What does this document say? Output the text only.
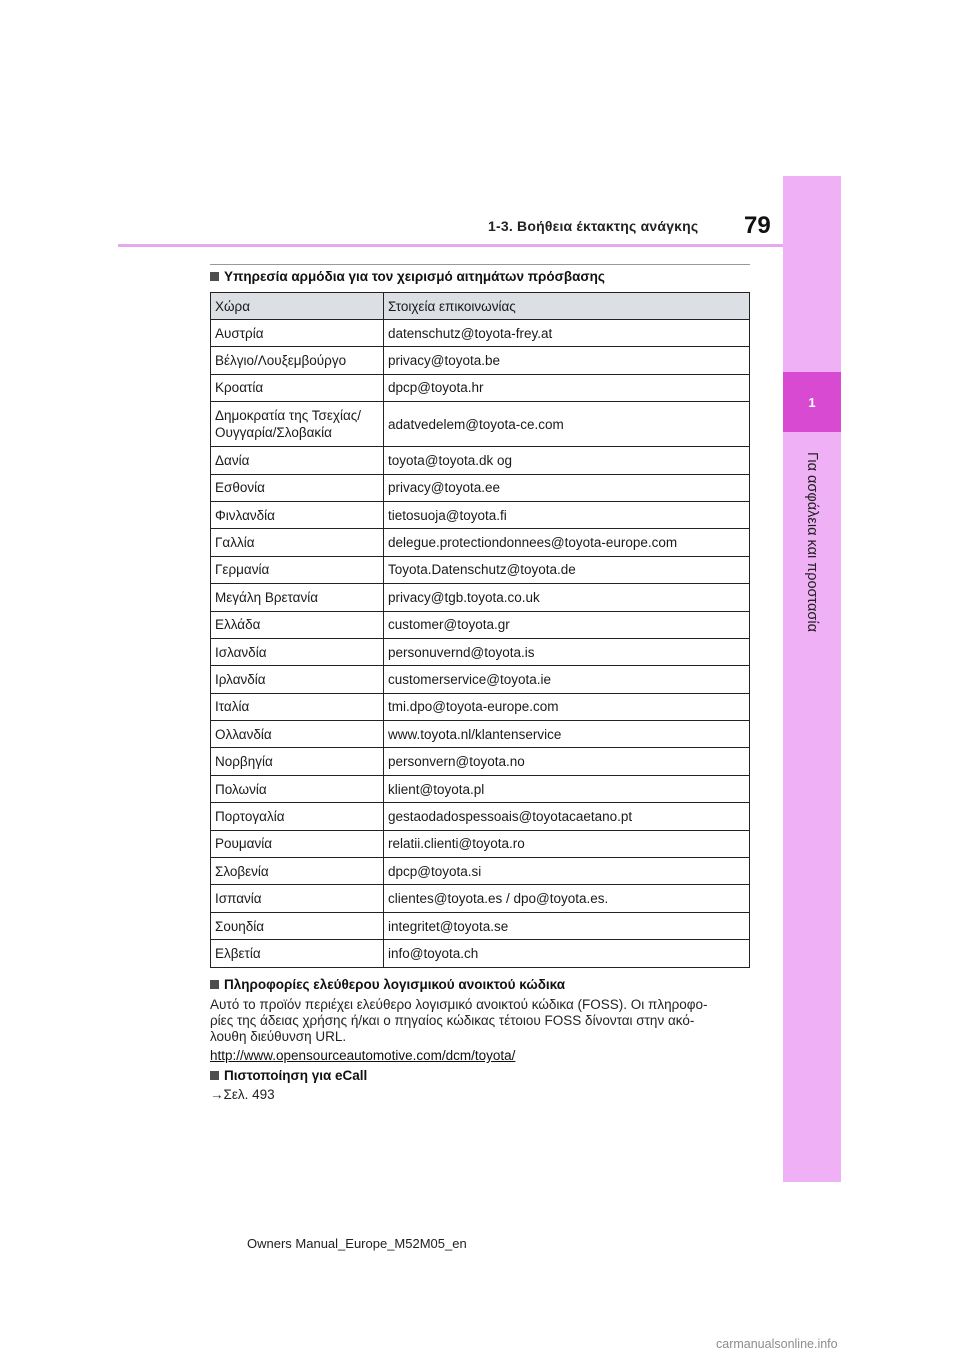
1
Για ασφάλεια και προστασία
1-3. Βοήθεια έκτακτης ανάγκης 79
Υπηρεσία αρμόδια για τον χειρισμό αιτημάτων πρόσβασης
Χώρα	Στοιχεία επικοινωνίας
Αυστρία	datenschutz@toyota-frey.at
Βέλγιο/Λουξεμβούργο	privacy@toyota.be
Κροατία	dpcp@toyota.hr
Δημοκρατία της Τσεχίας/
Ουγγαρία/Σλοβακία	adatvedelem@toyota-ce.com
Δανία	toyota@toyota.dk og
Εσθονία	privacy@toyota.ee
Φινλανδία	tietosuoja@toyota.fi
Γαλλία	delegue.protectiondonnees@toyota-europe.com
Γερμανία	Toyota.Datenschutz@toyota.de
Μεγάλη Βρετανία	privacy@tgb.toyota.co.uk
Ελλάδα	customer@toyota.gr
Ισλανδία	personuvernd@toyota.is
Ιρλανδία	customerservice@toyota.ie
Ιταλία	tmi.dpo@toyota-europe.com
Ολλανδία	www.toyota.nl/klantenservice
Νορβηγία	personvern@toyota.no
Πολωνία	klient@toyota.pl
Πορτογαλία	gestaodadospessoais@toyotacaetano.pt
Ρουμανία	relatii.clienti@toyota.ro
Σλοβενία	dpcp@toyota.si
Ισπανία	clientes@toyota.es / dpo@toyota.es.
Σουηδία	integritet@toyota.se
Ελβετία	info@toyota.ch
Πληροφορίες ελεύθερου λογισμικού ανοικτού κώδικα
Αυτό το προϊόν περιέχει ελεύθερο λογισμικό ανοικτού κώδικα (FOSS). Οι πληροφο-
ρίες της άδειας χρήσης ή/και ο πηγαίος κώδικας τέτοιου FOSS δίνονται στην ακό-
λουθη διεύθυνση URL.
http://www.opensourceautomotive.com/dcm/toyota/
Πιστοποίηση για eCall
→Σελ. 493
Owners Manual_Europe_M52M05_en
carmanualsonline.info
